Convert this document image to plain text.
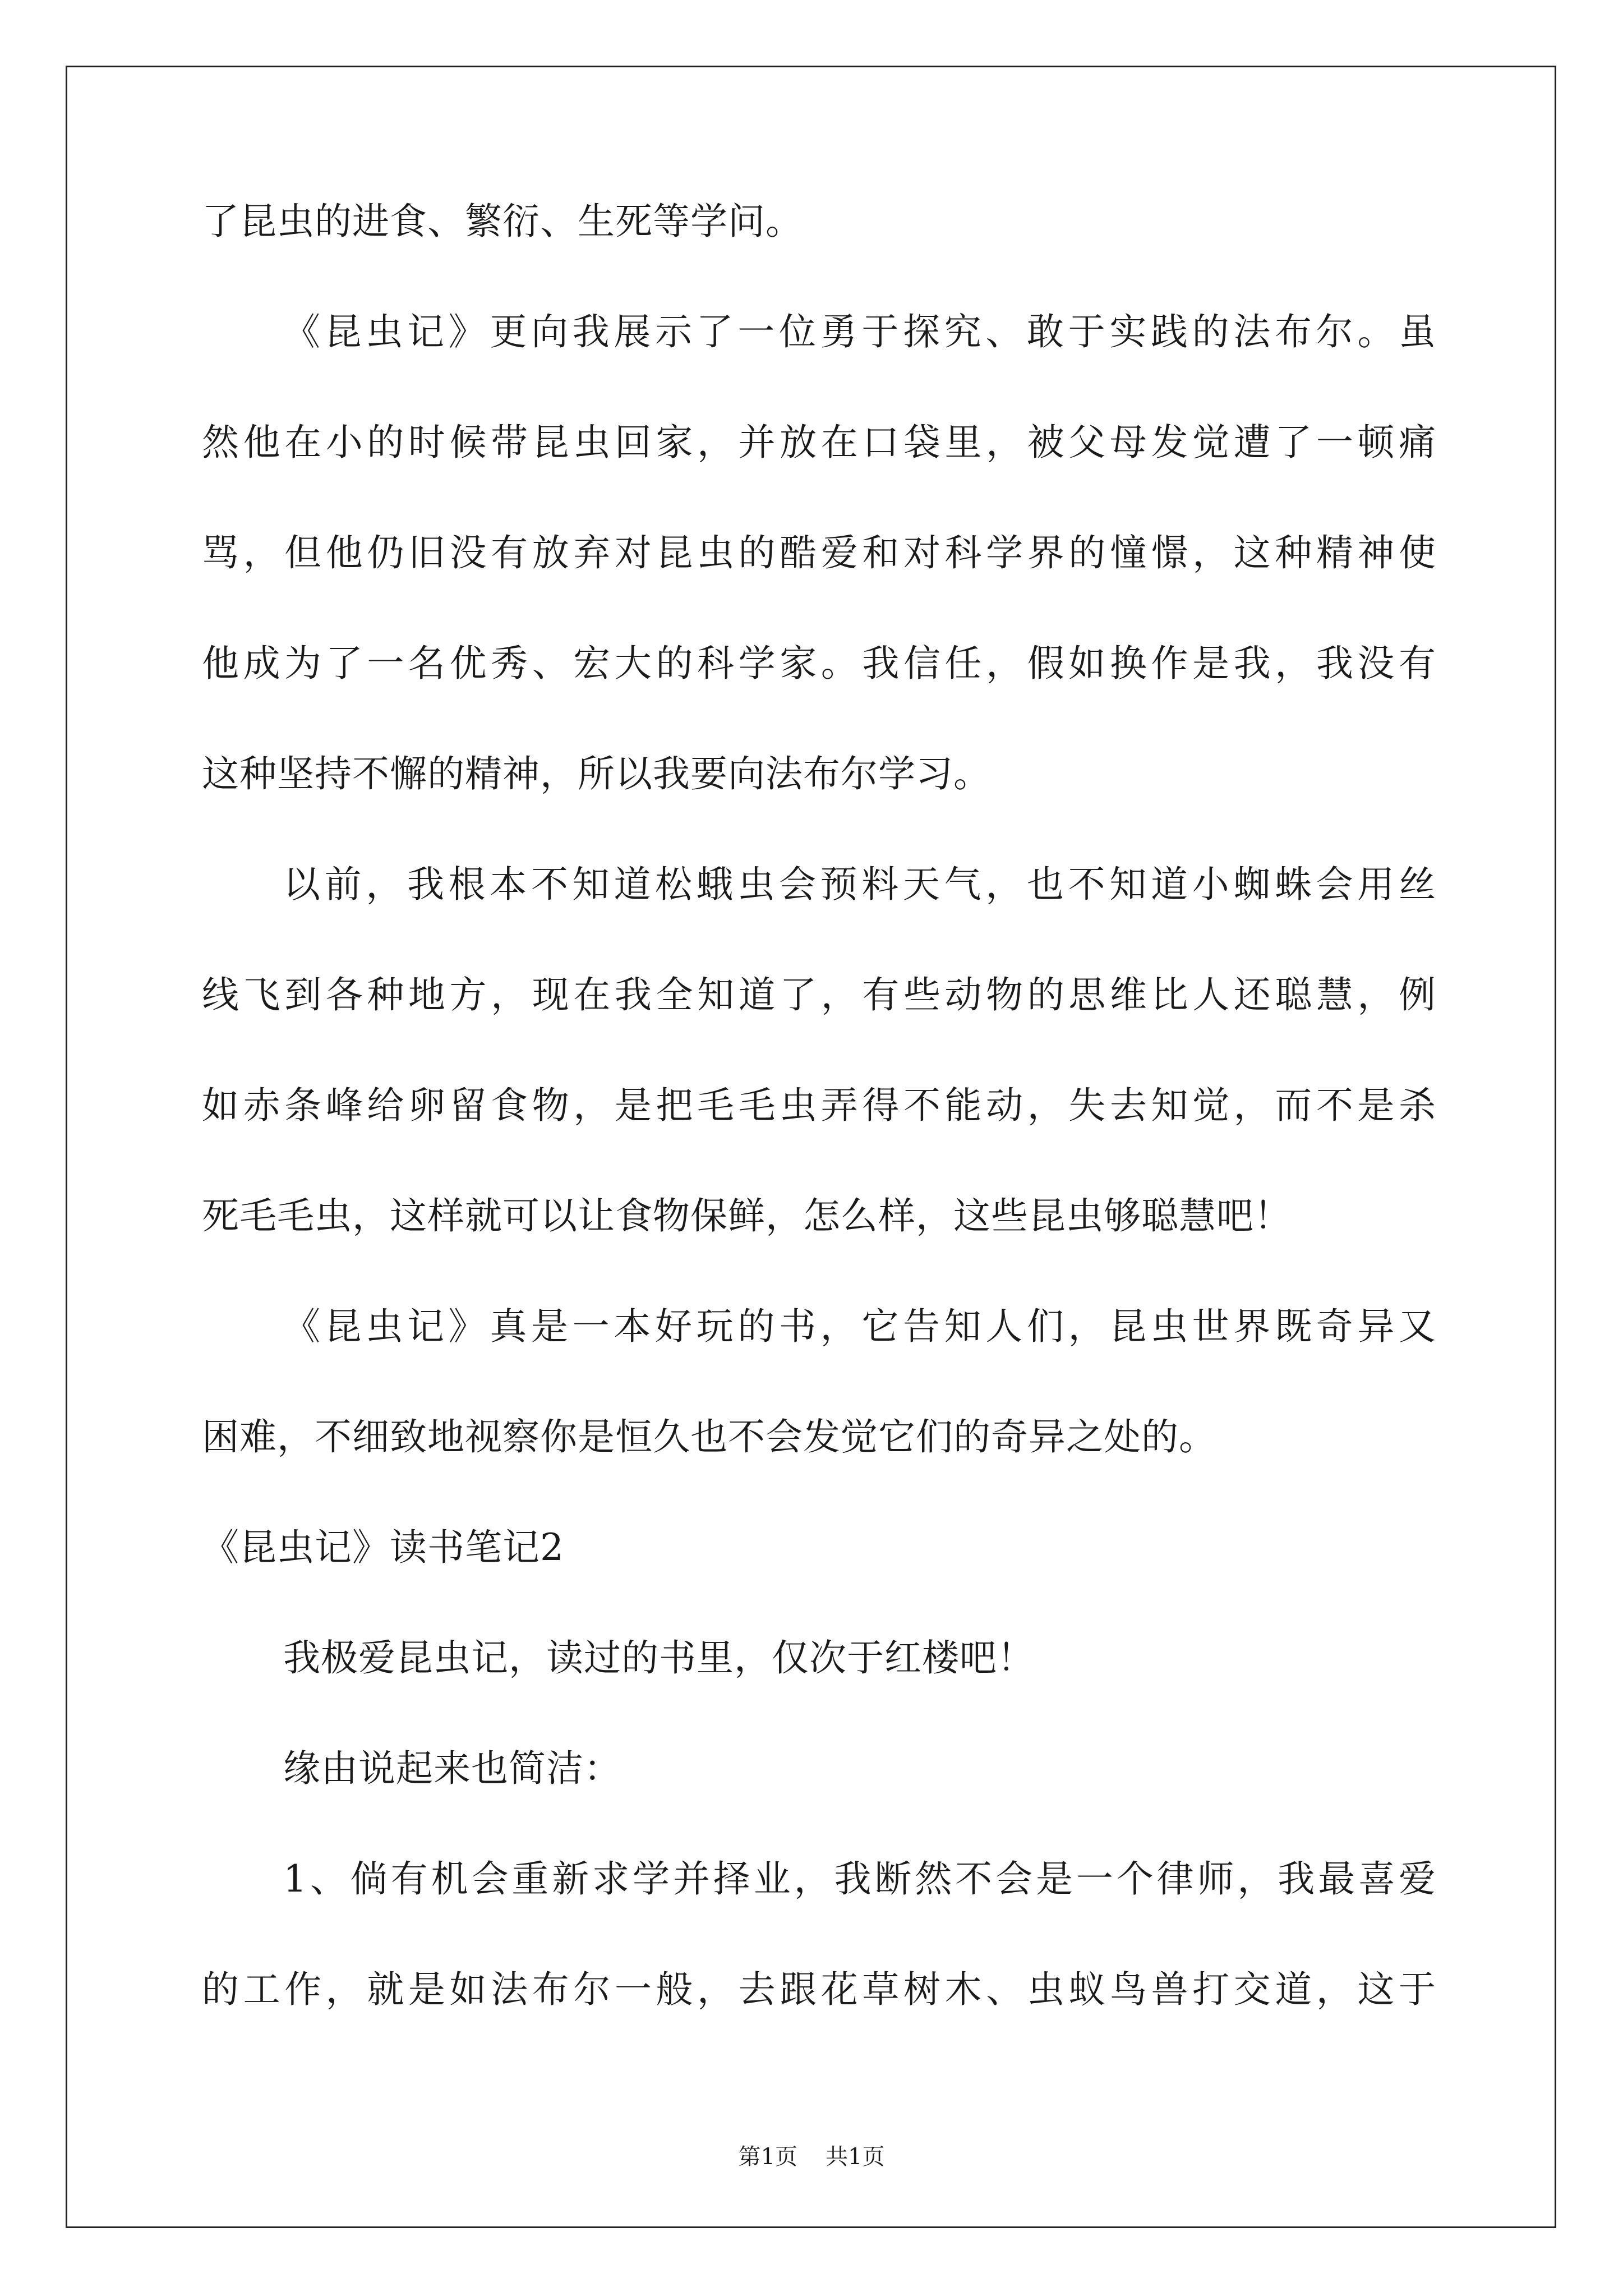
了昆虫的进食、繁衍、生死等学问。
《昆虫记》更向我展示了一位勇于探究、敢于实践的法布尔。虽
然他在小的时候带昆虫回家，并放在口袋里，被父母发觉遭了一顿痛
骂，但他仍旧没有放弃对昆虫的酷爱和对科学界的憧憬，这种精神使
他成为了一名优秀、宏大的科学家。我信任，假如换作是我，我没有
这种坚持不懈的精神，所以我要向法布尔学习。
以前，我根本不知道松蛾虫会预料天气，也不知道小蜘蛛会用丝
线飞到各种地方，现在我全知道了，有些动物的思维比人还聪慧，例
如赤条峰给卵留食物，是把毛毛虫弄得不能动，失去知觉，而不是杀
死毛毛虫，这样就可以让食物保鲜，怎么样，这些昆虫够聪慧吧！
《昆虫记》真是一本好玩的书，它告知人们，昆虫世界既奇异又
困难，不细致地视察你是恒久也不会发觉它们的奇异之处的。
《昆虫记》读书笔记2
我极爱昆虫记，读过的书里，仅次于红楼吧！
缘由说起来也简洁：
1、倘有机会重新求学并择业，我断然不会是一个律师，我最喜爱
的工作，就是如法布尔一般，去跟花草树木、虫蚁鸟兽打交道，这于
第1页 共1页
